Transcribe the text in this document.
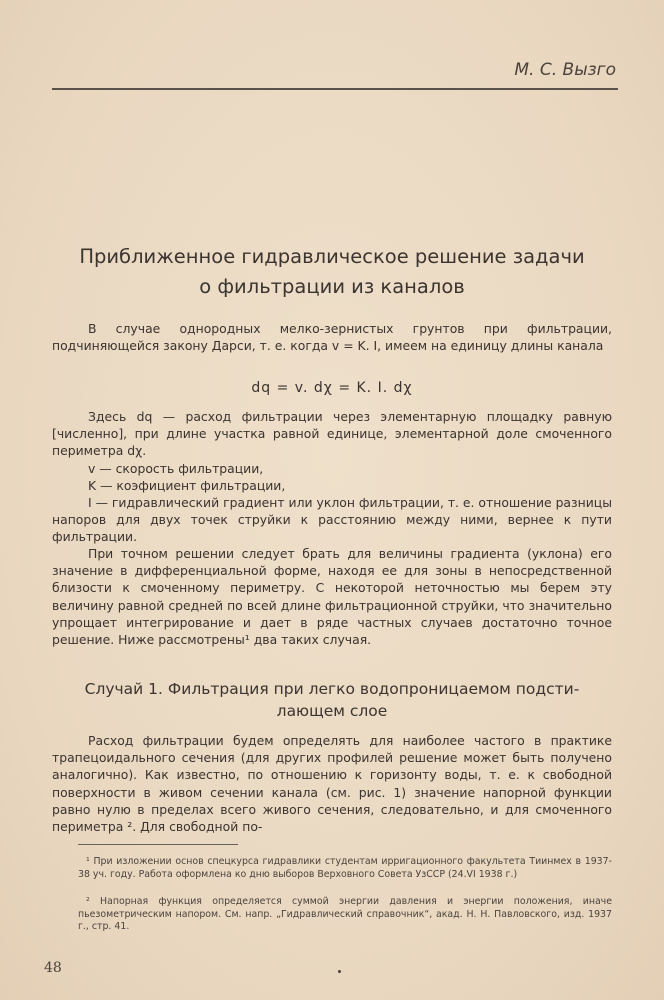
М. С. Вызго
Приближенное гидравлическое решение задачи
о фильтрации из каналов

В случае однородных мелко-зернистых грунтов при фильтрации, подчиняющейся закону Дарси, т. е. когда v = K. I, имеем на единицу длины канала

dq = v. dχ = K. I. dχ

Здесь dq — расход фильтрации через элементарную площадку равную [численно], при длине участка равной единице, элементарной доле смоченного периметра dχ.

v — скорость фильтрации,

K — коэфициент фильтрации,

I — гидравлический градиент или уклон фильтрации, т. е. отношение разницы напоров для двух точек струйки к расстоянию между ними, вернее к пути фильтрации.

При точном решении следует брать для величины градиента (уклона) его значение в дифференциальной форме, находя ее для зоны в непосредственной близости к смоченному периметру. С некоторой неточностью мы берем эту величину равной средней по всей длине фильтрационной струйки, что значительно упрощает интегрирование и дает в ряде частных случаев достаточно точное решение. Ниже рассмотрены¹ два таких случая.

Случай 1. Фильтрация при легко водопроницаемом подсти-
лающем слое

Расход фильтрации будем определять для наиболее частого в практике трапецоидального сечения (для других профилей решение может быть получено аналогично). Как известно, по отношению к горизонту воды, т. е. к свободной поверхности в живом сечении канала (см. рис. 1) значение напорной функции равно нулю в пределах всего живого сечения, следовательно, и для смоченного периметра ². Для свободной по-

¹ При изложении основ спецкурса гидравлики студентам ирригационного факультета Тиинмех в 1937-38 уч. году. Работа оформлена ко дню выборов Верховного Совета УзССР (24.VI 1938 г.)

² Напорная функция определяется суммой энергии давления и энергии положения, иначе пьезометрическим напором. См. напр. „Гидравлический справочник“, акад. Н. Н. Павловского, изд. 1937 г., стр. 41.

48
